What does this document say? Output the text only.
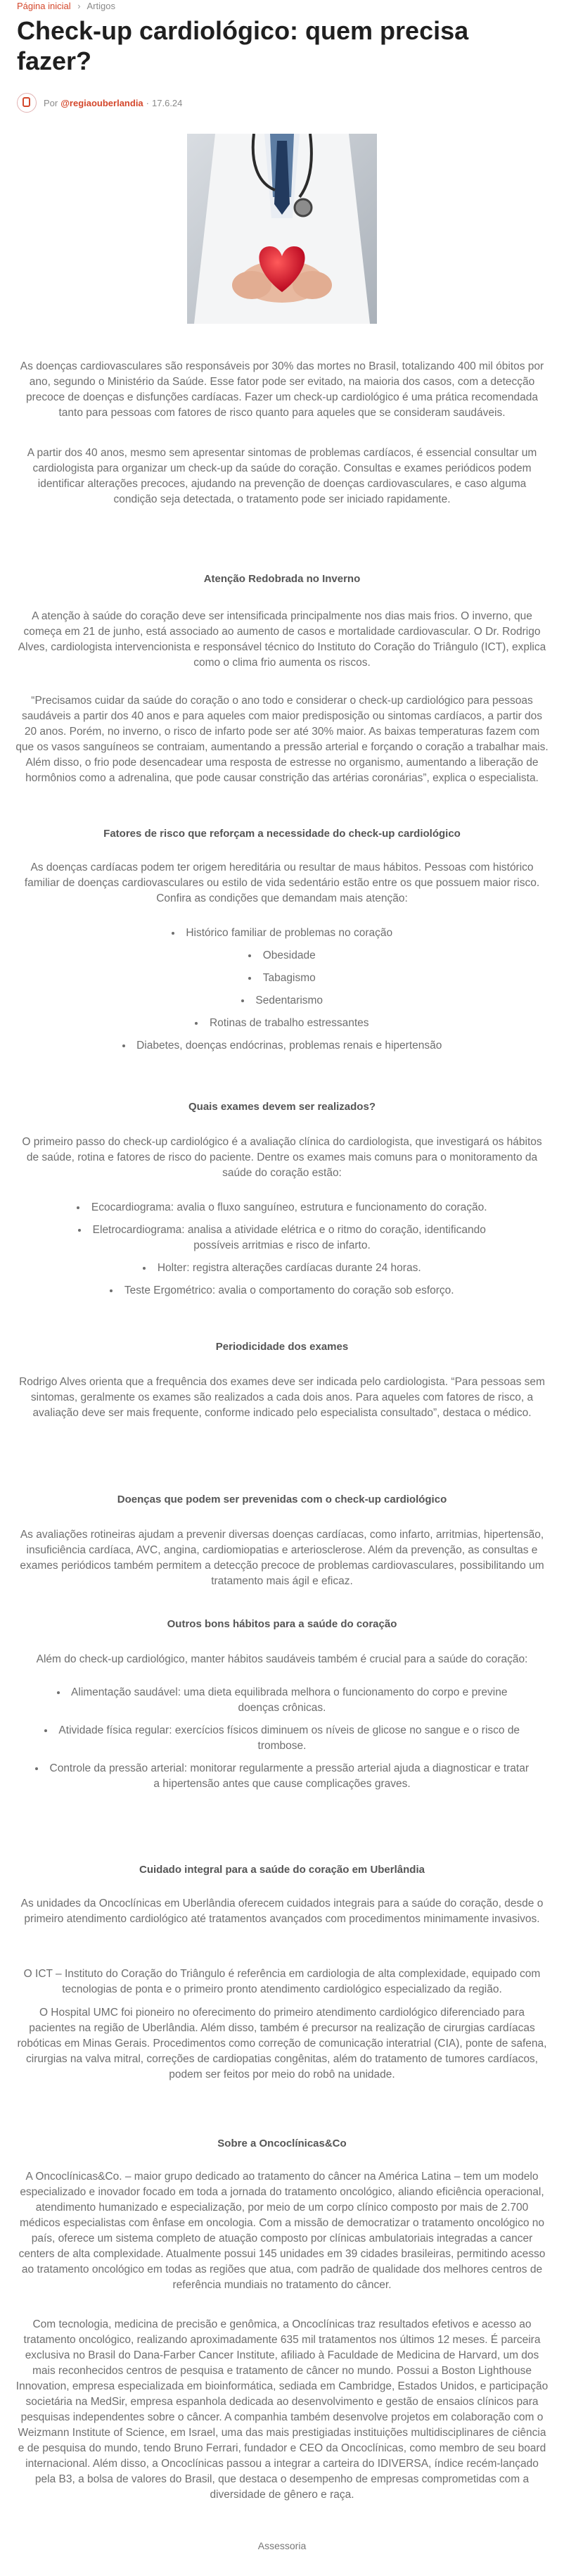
Página inicial › Artigos
Check-up cardiológico: quem precisa fazer?
Por @regiaouberlandia · 17.6.24

As doenças cardiovasculares são responsáveis por 30% das mortes no Brasil, totalizando 400 mil óbitos por ano, segundo o Ministério da Saúde. Esse fator pode ser evitado, na maioria dos casos, com a detecção precoce de doenças e disfunções cardíacas. Fazer um check-up cardiológico é uma prática recomendada tanto para pessoas com fatores de risco quanto para aqueles que se consideram saudáveis.

A partir dos 40 anos, mesmo sem apresentar sintomas de problemas cardíacos, é essencial consultar um cardiologista para organizar um check-up da saúde do coração. Consultas e exames periódicos podem identificar alterações precoces, ajudando na prevenção de doenças cardiovasculares, e caso alguma condição seja detectada, o tratamento pode ser iniciado rapidamente.

Atenção Redobrada no Inverno

A atenção à saúde do coração deve ser intensificada principalmente nos dias mais frios. O inverno, que começa em 21 de junho, está associado ao aumento de casos e mortalidade cardiovascular. O Dr. Rodrigo Alves, cardiologista intervencionista e responsável técnico do Instituto do Coração do Triângulo (ICT), explica como o clima frio aumenta os riscos.

“Precisamos cuidar da saúde do coração o ano todo e considerar o check-up cardiológico para pessoas saudáveis a partir dos 40 anos e para aqueles com maior predisposição ou sintomas cardíacos, a partir dos 20 anos. Porém, no inverno, o risco de infarto pode ser até 30% maior. As baixas temperaturas fazem com que os vasos sanguíneos se contraiam, aumentando a pressão arterial e forçando o coração a trabalhar mais. Além disso, o frio pode desencadear uma resposta de estresse no organismo, aumentando a liberação de hormônios como a adrenalina, que pode causar constrição das artérias coronárias”, explica o especialista.

Fatores de risco que reforçam a necessidade do check-up cardiológico

As doenças cardíacas podem ter origem hereditária ou resultar de maus hábitos. Pessoas com histórico familiar de doenças cardiovasculares ou estilo de vida sedentário estão entre os que possuem maior risco. Confira as condições que demandam mais atenção:

• Histórico familiar de problemas no coração
• Obesidade
• Tabagismo
• Sedentarismo
• Rotinas de trabalho estressantes
• Diabetes, doenças endócrinas, problemas renais e hipertensão
Quais exames devem ser realizados?

O primeiro passo do check-up cardiológico é a avaliação clínica do cardiologista, que investigará os hábitos de saúde, rotina e fatores de risco do paciente. Dentre os exames mais comuns para o monitoramento da saúde do coração estão:

• Ecocardiograma: avalia o fluxo sanguíneo, estrutura e funcionamento do coração.
• Eletrocardiograma: analisa a atividade elétrica e o ritmo do coração, identificando possíveis arritmias e risco de infarto.
• Holter: registra alterações cardíacas durante 24 horas.
• Teste Ergométrico: avalia o comportamento do coração sob esforço.
Periodicidade dos exames

Rodrigo Alves orienta que a frequência dos exames deve ser indicada pelo cardiologista. “Para pessoas sem sintomas, geralmente os exames são realizados a cada dois anos. Para aqueles com fatores de risco, a avaliação deve ser mais frequente, conforme indicado pelo especialista consultado”, destaca o médico.

Doenças que podem ser prevenidas com o check-up cardiológico

As avaliações rotineiras ajudam a prevenir diversas doenças cardíacas, como infarto, arritmias, hipertensão, insuficiência cardíaca, AVC, angina, cardiomiopatias e arteriosclerose. Além da prevenção, as consultas e exames periódicos também permitem a detecção precoce de problemas cardiovasculares, possibilitando um tratamento mais ágil e eficaz.

Outros bons hábitos para a saúde do coração

Além do check-up cardiológico, manter hábitos saudáveis também é crucial para a saúde do coração:

• Alimentação saudável: uma dieta equilibrada melhora o funcionamento do corpo e previne doenças crônicas.
• Atividade física regular: exercícios físicos diminuem os níveis de glicose no sangue e o risco de trombose.
• Controle da pressão arterial: monitorar regularmente a pressão arterial ajuda a diagnosticar e tratar a hipertensão antes que cause complicações graves.
Cuidado integral para a saúde do coração em Uberlândia

As unidades da Oncoclínicas em Uberlândia oferecem cuidados integrais para a saúde do coração, desde o primeiro atendimento cardiológico até tratamentos avançados com procedimentos minimamente invasivos.

O ICT – Instituto do Coração do Triângulo é referência em cardiologia de alta complexidade, equipado com tecnologias de ponta e o primeiro pronto atendimento cardiológico especializado da região.

O Hospital UMC foi pioneiro no oferecimento do primeiro atendimento cardiológico diferenciado para pacientes na região de Uberlândia. Além disso, também é precursor na realização de cirurgias cardíacas robóticas em Minas Gerais. Procedimentos como correção de comunicação interatrial (CIA), ponte de safena, cirurgias na valva mitral, correções de cardiopatias congênitas, além do tratamento de tumores cardíacos, podem ser feitos por meio do robô na unidade.

Sobre a Oncoclínicas&Co

A Oncoclínicas&Co. – maior grupo dedicado ao tratamento do câncer na América Latina – tem um modelo especializado e inovador focado em toda a jornada do tratamento oncológico, aliando eficiência operacional, atendimento humanizado e especialização, por meio de um corpo clínico composto por mais de 2.700 médicos especialistas com ênfase em oncologia. Com a missão de democratizar o tratamento oncológico no país, oferece um sistema completo de atuação composto por clínicas ambulatoriais integradas a cancer centers de alta complexidade. Atualmente possui 145 unidades em 39 cidades brasileiras, permitindo acesso ao tratamento oncológico em todas as regiões que atua, com padrão de qualidade dos melhores centros de referência mundiais no tratamento do câncer.

Com tecnologia, medicina de precisão e genômica, a Oncoclínicas traz resultados efetivos e acesso ao tratamento oncológico, realizando aproximadamente 635 mil tratamentos nos últimos 12 meses. É parceira exclusiva no Brasil do Dana-Farber Cancer Institute, afiliado à Faculdade de Medicina de Harvard, um dos mais reconhecidos centros de pesquisa e tratamento de câncer no mundo. Possui a Boston Lighthouse Innovation, empresa especializada em bioinformática, sediada em Cambridge, Estados Unidos, e participação societária na MedSir, empresa espanhola dedicada ao desenvolvimento e gestão de ensaios clínicos para pesquisas independentes sobre o câncer. A companhia também desenvolve projetos em colaboração com o Weizmann Institute of Science, em Israel, uma das mais prestigiadas instituições multidisciplinares de ciência e de pesquisa do mundo, tendo Bruno Ferrari, fundador e CEO da Oncoclínicas, como membro de seu board internacional. Além disso, a Oncoclínicas passou a integrar a carteira do IDIVERSA, índice recém-lançado pela B3, a bolsa de valores do Brasil, que destaca o desempenho de empresas comprometidas com a diversidade de gênero e raça.

Assessoria
